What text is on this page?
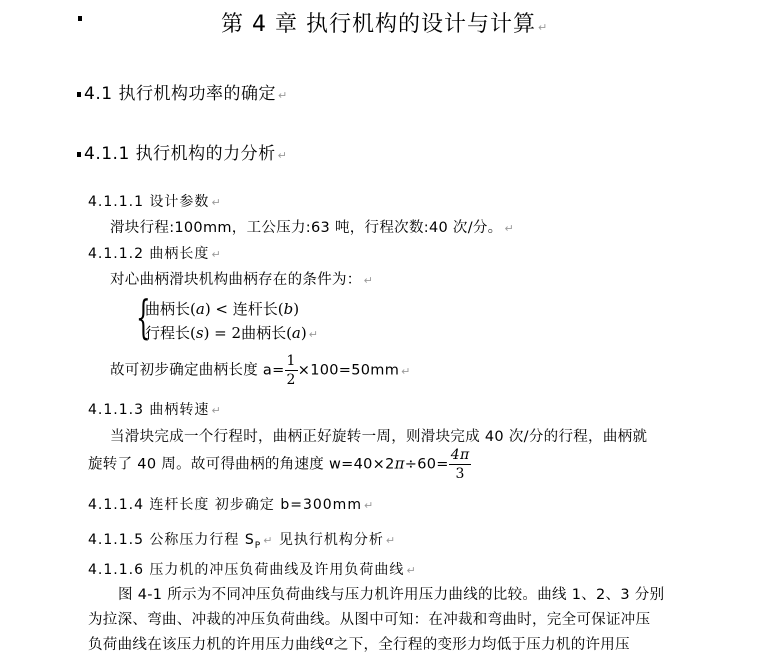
第 4 章 执行机构的设计与计算 ↵
4.1 执行机构功率的确定 ↵
4.1.1 执行机构的力分析 ↵
4.1.1.1 设计参数 ↵
滑块行程:100mm，工公压力:63 吨，行程次数:40 次/分。 ↵
4.1.1.2 曲柄长度 ↵
对心曲柄滑块机构曲柄存在的条件为： ↵
{
曲柄长(a) < 连杆长(b)
行程长(s) = 2曲柄长(a) ↵
故可初步确定曲柄长度 $a= \frac{1}{2} \times 100=50mm$ ↵
4.1.1.3 曲柄转速 ↵
当滑块完成一个行程时，曲柄正好旋转一周，则滑块完成 40 次/分的行程，曲柄就
旋转了 40 周。故可得曲柄的角速度 $w=40\times 2\pi\div 60= \frac{4\pi}{3}$
4.1.1.4 连杆长度 初步确定 b=300mm ↵
4.1.1.5 公称压力行程 $S_P$ ↵ 见执行机构分析 ↵
4.1.1.6 压力机的冲压负荷曲线及许用负荷曲线 ↵
图 4-1 所示为不同冲压负荷曲线与压力机许用压力曲线的比较。曲线 1、2、3 分别
为拉深、弯曲、冲裁的冲压负荷曲线。从图中可知：在冲裁和弯曲时，完全可保证冲压
负荷曲线在该压力机的许用压力曲线α之下，全行程的变形力均低于压力机的许用压
